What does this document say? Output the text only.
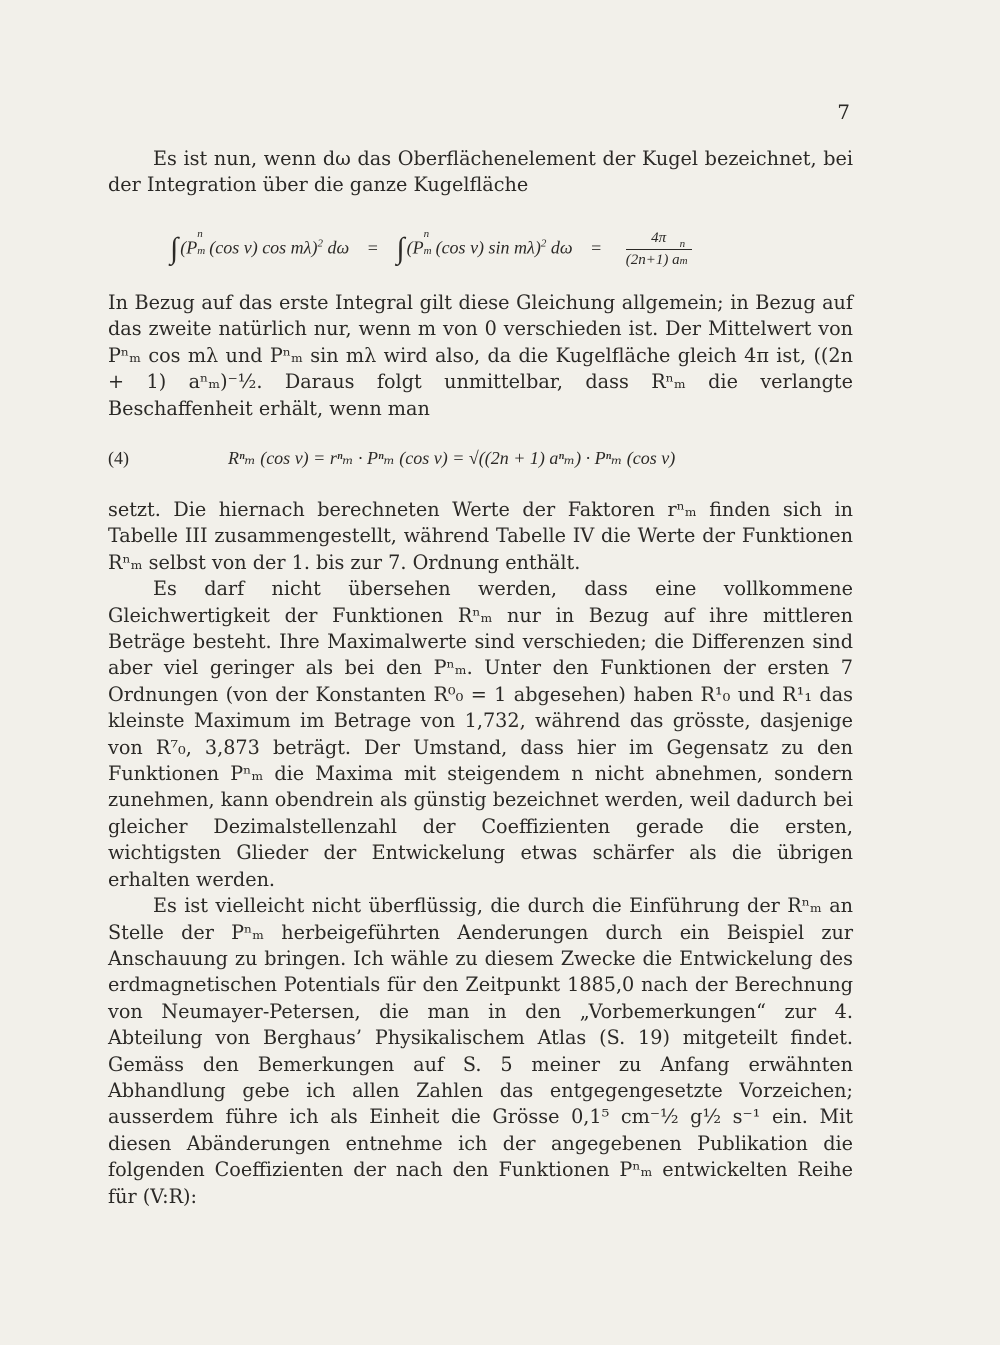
7

Es ist nun, wenn dω das Oberflächenelement der Kugel bezeichnet, bei der Integration über die ganze Kugelfläche

∫ (P
n
m (cos v) cos mλ)$^2$ dω = ∫ (P
n
m (cos v) sin mλ)$^2$ dω = 4π
(2n+1) a
n
m

In Bezug auf das erste Integral gilt diese Gleichung allgemein; in Bezug auf das zweite natürlich nur, wenn m von 0 verschieden ist. Der Mittelwert von Pⁿₘ cos mλ und Pⁿₘ sin mλ wird also, da die Kugelfläche gleich 4π ist, ((2n + 1) aⁿₘ)⁻½. Daraus folgt unmittelbar, dass Rⁿₘ die verlangte Beschaffenheit erhält, wenn man

(4)	Rⁿₘ (cos v) = rⁿₘ · Pⁿₘ (cos v) = √((2n + 1) aⁿₘ) · Pⁿₘ (cos v)

setzt. Die hiernach berechneten Werte der Faktoren rⁿₘ finden sich in Tabelle III zusammengestellt, während Tabelle IV die Werte der Funktionen Rⁿₘ selbst von der 1. bis zur 7. Ordnung enthält.

Es darf nicht übersehen werden, dass eine vollkommene Gleichwertigkeit der Funktionen Rⁿₘ nur in Bezug auf ihre mittleren Beträge besteht. Ihre Maximalwerte sind verschieden; die Differenzen sind aber viel geringer als bei den Pⁿₘ. Unter den Funktionen der ersten 7 Ordnungen (von der Konstanten R⁰₀ = 1 abgesehen) haben R¹₀ und R¹₁ das kleinste Maximum im Betrage von 1,732, während das grösste, dasjenige von R⁷₀, 3,873 beträgt. Der Umstand, dass hier im Gegensatz zu den Funktionen Pⁿₘ die Maxima mit steigendem n nicht abnehmen, sondern zunehmen, kann obendrein als günstig bezeichnet werden, weil dadurch bei gleicher Dezimalstellenzahl der Coeffizienten gerade die ersten, wichtigsten Glieder der Entwickelung etwas schärfer als die übrigen erhalten werden.

Es ist vielleicht nicht überflüssig, die durch die Einführung der Rⁿₘ an Stelle der Pⁿₘ herbeigeführten Aenderungen durch ein Beispiel zur Anschauung zu bringen. Ich wähle zu diesem Zwecke die Entwickelung des erdmagnetischen Potentials für den Zeitpunkt 1885,0 nach der Berechnung von Neumayer-Petersen, die man in den „Vorbemerkungen“ zur 4. Abteilung von Berghaus’ Physikalischem Atlas (S. 19) mitgeteilt findet. Gemäss den Bemerkungen auf S. 5 meiner zu Anfang erwähnten Abhandlung gebe ich allen Zahlen das entgegengesetzte Vorzeichen; ausserdem führe ich als Einheit die Grösse 0,1⁵ cm⁻½ g½ s⁻¹ ein. Mit diesen Abänderungen entnehme ich der angegebenen Publikation die folgenden Coeffizienten der nach den Funktionen Pⁿₘ entwickelten Reihe für (V:R):
